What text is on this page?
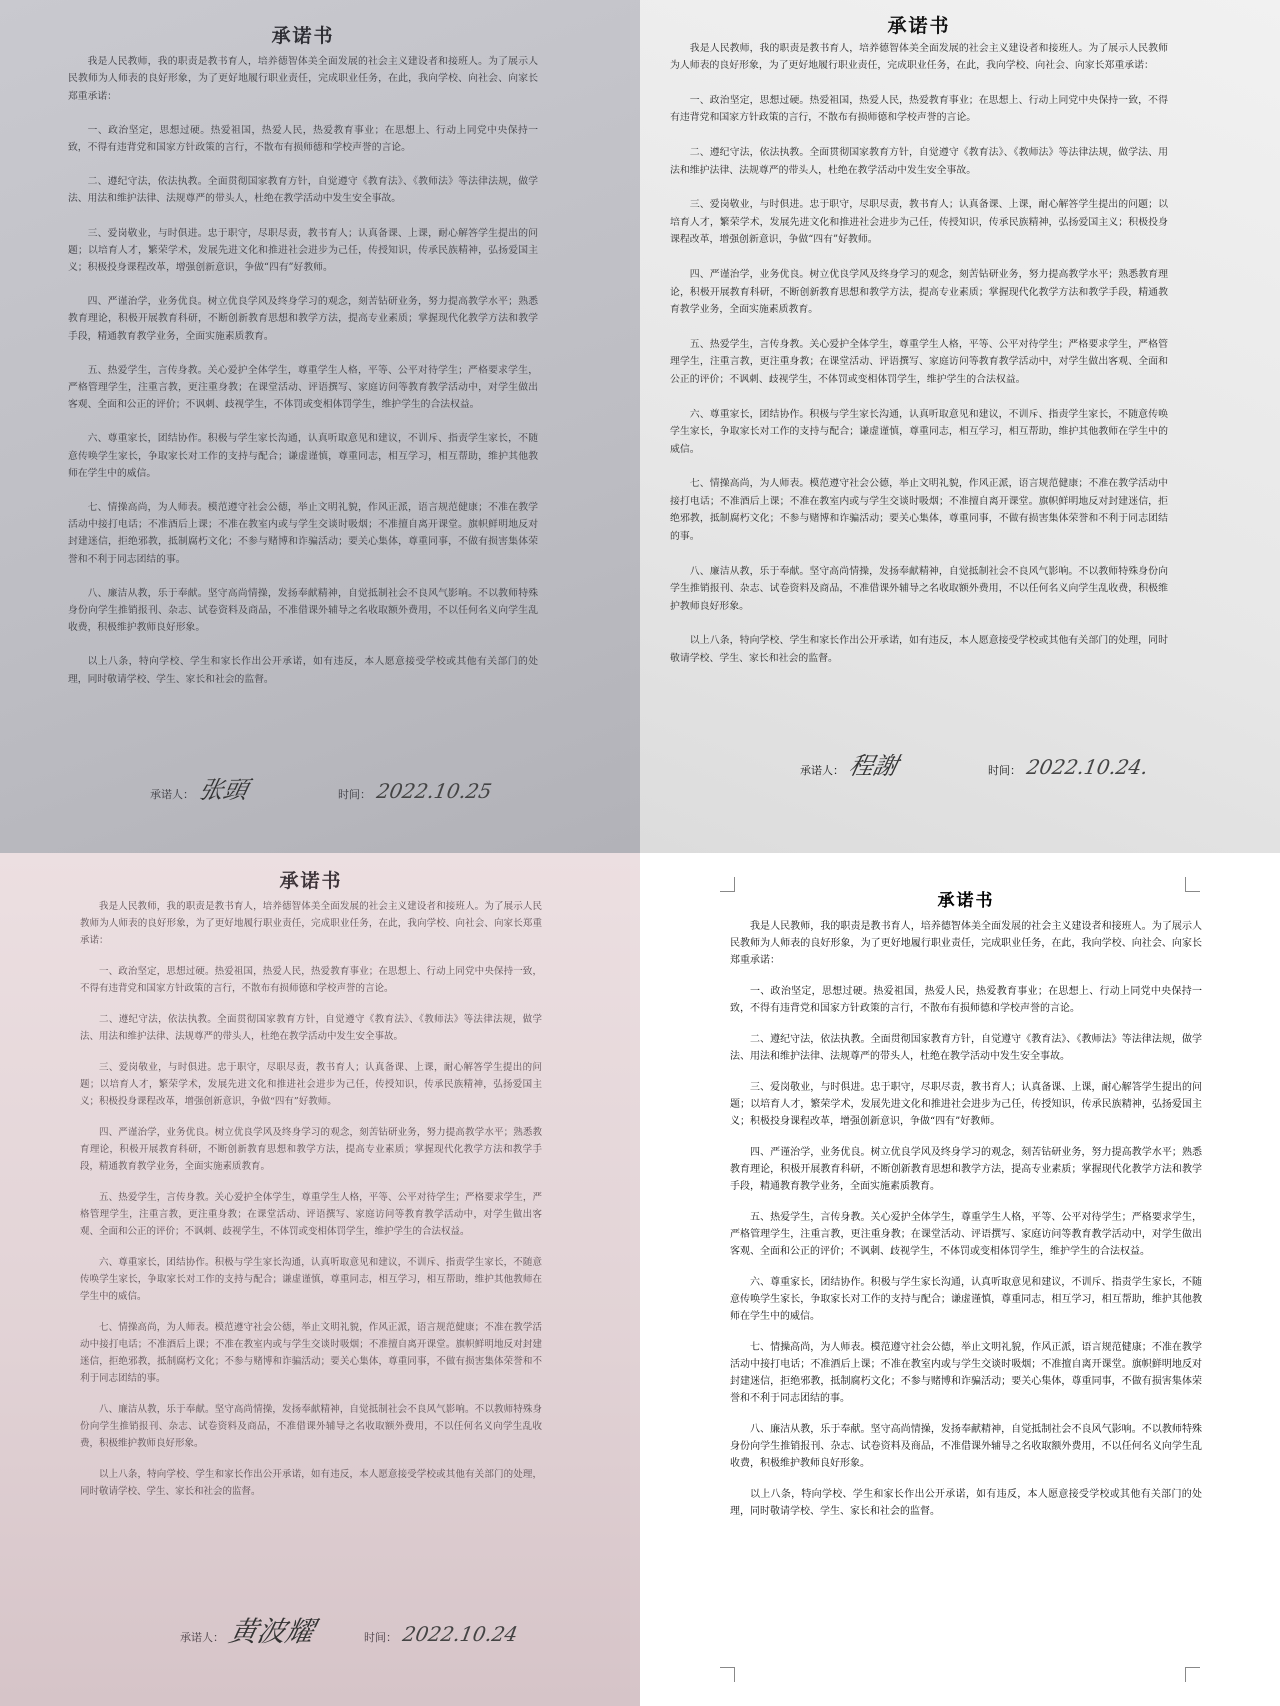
承诺书

我是人民教师，我的职责是教书育人，培养德智体美全面发展的社会主义建设者和接班人。为了展示人民教师为人师表的良好形象，为了更好地履行职业责任，完成职业任务，在此，我向学校、向社会、向家长郑重承诺：

一、政治坚定，思想过硬。热爱祖国，热爱人民，热爱教育事业；在思想上、行动上同党中央保持一致，不得有违背党和国家方针政策的言行，不散布有损师德和学校声誉的言论。

二、遵纪守法，依法执教。全面贯彻国家教育方针，自觉遵守《教育法》、《教师法》等法律法规，做学法、用法和维护法律、法规尊严的带头人，杜绝在教学活动中发生安全事故。

三、爱岗敬业，与时俱进。忠于职守，尽职尽责，教书育人；认真备课、上课，耐心解答学生提出的问题；以培育人才，繁荣学术，发展先进文化和推进社会进步为己任，传授知识，传承民族精神，弘扬爱国主义；积极投身课程改革，增强创新意识，争做“四有”好教师。

四、严谨治学，业务优良。树立优良学风及终身学习的观念，刻苦钻研业务，努力提高教学水平；熟悉教育理论，积极开展教育科研，不断创新教育思想和教学方法，提高专业素质；掌握现代化教学方法和教学手段，精通教育教学业务，全面实施素质教育。

五、热爱学生，言传身教。关心爱护全体学生，尊重学生人格，平等、公平对待学生；严格要求学生，严格管理学生，注重言教，更注重身教；在课堂活动、评语撰写、家庭访问等教育教学活动中，对学生做出客观、全面和公正的评价；不讽刺、歧视学生，不体罚或变相体罚学生，维护学生的合法权益。

六、尊重家长，团结协作。积极与学生家长沟通，认真听取意见和建议，不训斥、指责学生家长，不随意传唤学生家长，争取家长对工作的支持与配合；谦虚谨慎，尊重同志，相互学习，相互帮助，维护其他教师在学生中的威信。

七、情操高尚，为人师表。模范遵守社会公德，举止文明礼貌，作风正派，语言规范健康；不准在教学活动中接打电话；不准酒后上课；不准在教室内或与学生交谈时吸烟；不准擅自离开课堂。旗帜鲜明地反对封建迷信，拒绝邪教，抵制腐朽文化；不参与赌博和诈骗活动；要关心集体，尊重同事，不做有损害集体荣誉和不利于同志团结的事。

八、廉洁从教，乐于奉献。坚守高尚情操，发扬奉献精神，自觉抵制社会不良风气影响。不以教师特殊身份向学生推销报刊、杂志、试卷资料及商品，不准借课外辅导之名收取额外费用，不以任何名义向学生乱收费，积极维护教师良好形象。

以上八条，特向学校、学生和家长作出公开承诺，如有违反，本人愿意接受学校或其他有关部门的处理，同时敬请学校、学生、家长和社会的监督。

承诺人： 张頭	时间： 2022.10.25
承诺书

我是人民教师，我的职责是教书育人，培养德智体美全面发展的社会主义建设者和接班人。为了展示人民教师为人师表的良好形象，为了更好地履行职业责任，完成职业任务，在此，我向学校、向社会、向家长郑重承诺：

一、政治坚定，思想过硬。热爱祖国，热爱人民，热爱教育事业；在思想上、行动上同党中央保持一致，不得有违背党和国家方针政策的言行，不散布有损师德和学校声誉的言论。

二、遵纪守法，依法执教。全面贯彻国家教育方针，自觉遵守《教育法》、《教师法》等法律法规，做学法、用法和维护法律、法规尊严的带头人，杜绝在教学活动中发生安全事故。

三、爱岗敬业，与时俱进。忠于职守，尽职尽责，教书育人；认真备课、上课，耐心解答学生提出的问题；以培育人才，繁荣学术，发展先进文化和推进社会进步为己任，传授知识，传承民族精神，弘扬爱国主义；积极投身课程改革，增强创新意识，争做“四有”好教师。

四、严谨治学，业务优良。树立优良学风及终身学习的观念，刻苦钻研业务，努力提高教学水平；熟悉教育理论，积极开展教育科研，不断创新教育思想和教学方法，提高专业素质；掌握现代化教学方法和教学手段，精通教育教学业务，全面实施素质教育。

五、热爱学生，言传身教。关心爱护全体学生，尊重学生人格，平等、公平对待学生；严格要求学生，严格管理学生，注重言教，更注重身教；在课堂活动、评语撰写、家庭访问等教育教学活动中，对学生做出客观、全面和公正的评价；不讽刺、歧视学生，不体罚或变相体罚学生，维护学生的合法权益。

六、尊重家长，团结协作。积极与学生家长沟通，认真听取意见和建议，不训斥、指责学生家长，不随意传唤学生家长，争取家长对工作的支持与配合；谦虚谨慎，尊重同志，相互学习，相互帮助，维护其他教师在学生中的威信。

七、情操高尚，为人师表。模范遵守社会公德，举止文明礼貌，作风正派，语言规范健康；不准在教学活动中接打电话；不准酒后上课；不准在教室内或与学生交谈时吸烟；不准擅自离开课堂。旗帜鲜明地反对封建迷信，拒绝邪教，抵制腐朽文化；不参与赌博和诈骗活动；要关心集体，尊重同事，不做有损害集体荣誉和不利于同志团结的事。

八、廉洁从教，乐于奉献。坚守高尚情操，发扬奉献精神，自觉抵制社会不良风气影响。不以教师特殊身份向学生推销报刊、杂志、试卷资料及商品，不准借课外辅导之名收取额外费用，不以任何名义向学生乱收费，积极维护教师良好形象。

以上八条，特向学校、学生和家长作出公开承诺，如有违反，本人愿意接受学校或其他有关部门的处理，同时敬请学校、学生、家长和社会的监督。

承诺人： 程謝	时间： 2022.10.24.
承诺书

我是人民教师，我的职责是教书育人，培养德智体美全面发展的社会主义建设者和接班人。为了展示人民教师为人师表的良好形象，为了更好地履行职业责任，完成职业任务，在此，我向学校、向社会、向家长郑重承诺：

一、政治坚定，思想过硬。热爱祖国，热爱人民，热爱教育事业；在思想上、行动上同党中央保持一致，不得有违背党和国家方针政策的言行，不散布有损师德和学校声誉的言论。

二、遵纪守法，依法执教。全面贯彻国家教育方针，自觉遵守《教育法》、《教师法》等法律法规，做学法、用法和维护法律、法规尊严的带头人，杜绝在教学活动中发生安全事故。

三、爱岗敬业，与时俱进。忠于职守，尽职尽责，教书育人；认真备课、上课，耐心解答学生提出的问题；以培育人才，繁荣学术，发展先进文化和推进社会进步为己任，传授知识，传承民族精神，弘扬爱国主义；积极投身课程改革，增强创新意识，争做“四有”好教师。

四、严谨治学，业务优良。树立优良学风及终身学习的观念，刻苦钻研业务，努力提高教学水平；熟悉教育理论，积极开展教育科研，不断创新教育思想和教学方法，提高专业素质；掌握现代化教学方法和教学手段，精通教育教学业务，全面实施素质教育。

五、热爱学生，言传身教。关心爱护全体学生，尊重学生人格，平等、公平对待学生；严格要求学生，严格管理学生，注重言教，更注重身教；在课堂活动、评语撰写、家庭访问等教育教学活动中，对学生做出客观、全面和公正的评价；不讽刺、歧视学生，不体罚或变相体罚学生，维护学生的合法权益。

六、尊重家长，团结协作。积极与学生家长沟通，认真听取意见和建议，不训斥、指责学生家长，不随意传唤学生家长，争取家长对工作的支持与配合；谦虚谨慎，尊重同志，相互学习，相互帮助，维护其他教师在学生中的威信。

七、情操高尚，为人师表。模范遵守社会公德，举止文明礼貌，作风正派，语言规范健康；不准在教学活动中接打电话；不准酒后上课；不准在教室内或与学生交谈时吸烟；不准擅自离开课堂。旗帜鲜明地反对封建迷信，拒绝邪教，抵制腐朽文化；不参与赌博和诈骗活动；要关心集体，尊重同事，不做有损害集体荣誉和不利于同志团结的事。

八、廉洁从教，乐于奉献。坚守高尚情操，发扬奉献精神，自觉抵制社会不良风气影响。不以教师特殊身份向学生推销报刊、杂志、试卷资料及商品，不准借课外辅导之名收取额外费用，不以任何名义向学生乱收费，积极维护教师良好形象。

以上八条，特向学校、学生和家长作出公开承诺，如有违反，本人愿意接受学校或其他有关部门的处理，同时敬请学校、学生、家长和社会的监督。

承诺人： 黄波耀	时间： 2022.10.24
承诺书

我是人民教师，我的职责是教书育人，培养德智体美全面发展的社会主义建设者和接班人。为了展示人民教师为人师表的良好形象，为了更好地履行职业责任，完成职业任务，在此，我向学校、向社会、向家长郑重承诺：

一、政治坚定，思想过硬。热爱祖国，热爱人民，热爱教育事业；在思想上、行动上同党中央保持一致，不得有违背党和国家方针政策的言行，不散布有损师德和学校声誉的言论。

二、遵纪守法，依法执教。全面贯彻国家教育方针，自觉遵守《教育法》、《教师法》等法律法规，做学法、用法和维护法律、法规尊严的带头人，杜绝在教学活动中发生安全事故。

三、爱岗敬业，与时俱进。忠于职守，尽职尽责，教书育人；认真备课、上课，耐心解答学生提出的问题；以培育人才，繁荣学术，发展先进文化和推进社会进步为己任，传授知识，传承民族精神，弘扬爱国主义；积极投身课程改革，增强创新意识，争做“四有”好教师。

四、严谨治学，业务优良。树立优良学风及终身学习的观念，刻苦钻研业务，努力提高教学水平；熟悉教育理论，积极开展教育科研，不断创新教育思想和教学方法，提高专业素质；掌握现代化教学方法和教学手段，精通教育教学业务，全面实施素质教育。

五、热爱学生，言传身教。关心爱护全体学生，尊重学生人格，平等、公平对待学生；严格要求学生，严格管理学生，注重言教，更注重身教；在课堂活动、评语撰写、家庭访问等教育教学活动中，对学生做出客观、全面和公正的评价；不讽刺、歧视学生，不体罚或变相体罚学生，维护学生的合法权益。

六、尊重家长，团结协作。积极与学生家长沟通，认真听取意见和建议，不训斥、指责学生家长，不随意传唤学生家长，争取家长对工作的支持与配合；谦虚谨慎，尊重同志，相互学习，相互帮助，维护其他教师在学生中的威信。

七、情操高尚，为人师表。模范遵守社会公德，举止文明礼貌，作风正派，语言规范健康；不准在教学活动中接打电话；不准酒后上课；不准在教室内或与学生交谈时吸烟；不准擅自离开课堂。旗帜鲜明地反对封建迷信，拒绝邪教，抵制腐朽文化；不参与赌博和诈骗活动；要关心集体，尊重同事，不做有损害集体荣誉和不利于同志团结的事。

八、廉洁从教，乐于奉献。坚守高尚情操，发扬奉献精神，自觉抵制社会不良风气影响。不以教师特殊身份向学生推销报刊、杂志、试卷资料及商品，不准借课外辅导之名收取额外费用，不以任何名义向学生乱收费，积极维护教师良好形象。

以上八条，特向学校、学生和家长作出公开承诺，如有违反，本人愿意接受学校或其他有关部门的处理，同时敬请学校、学生、家长和社会的监督。
